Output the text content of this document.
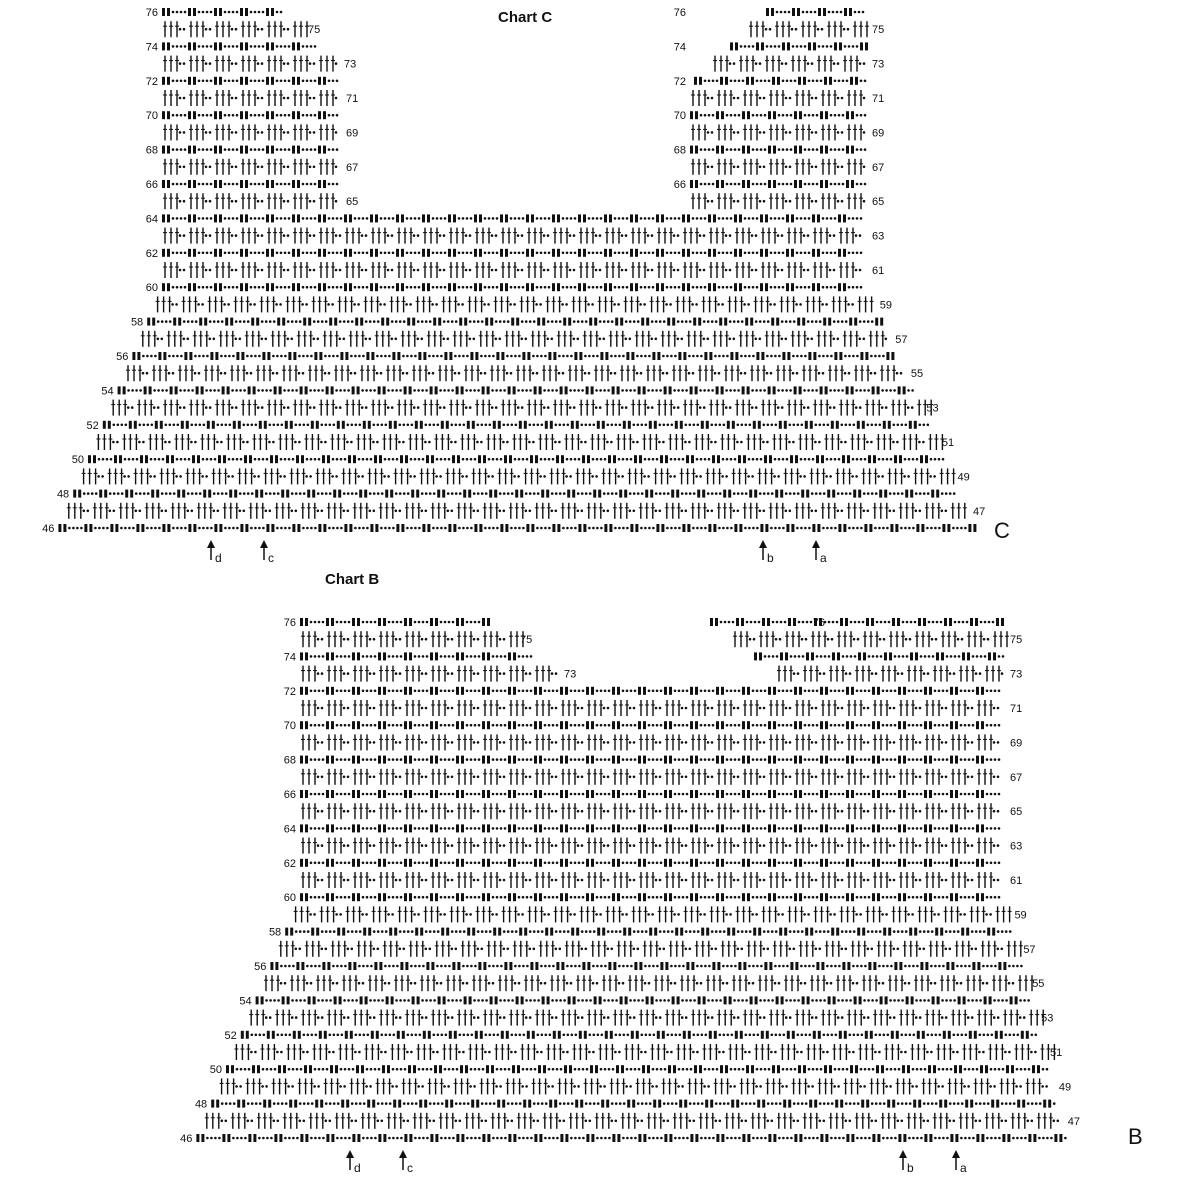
Chart C
C
46
48
50
52
54
56
58
60
62
64
66	66
68	68
70	70
72	72
74	74
76	76
47
49
51
53
55
57
59
61
63
65
65
67
67
69
69
71
71
73
73
75
75
d	c	b	a
Chart B
B
46
48
50
52
54
56
58
60
62
64
66
68
70
72
74
76	76
47
49
51
53
55
57
59
61
63
65
67
69
71
73
73
75
75
d	c	b	a
